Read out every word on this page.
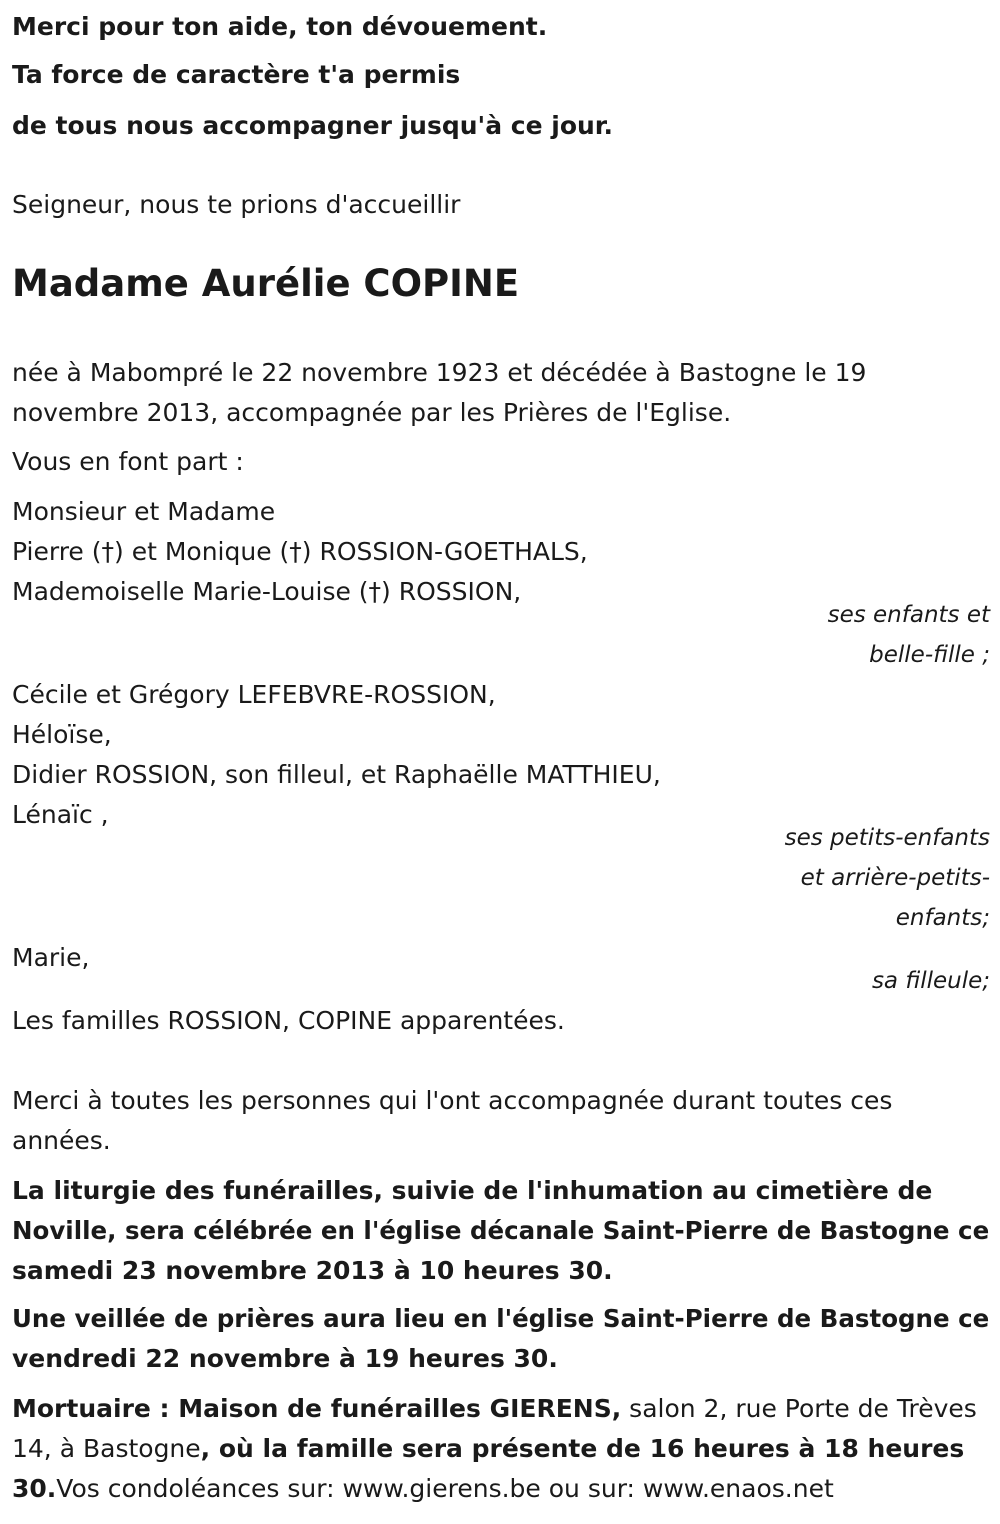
Merci pour ton aide, ton dévouement.
Ta force de caractère t'a permis
de tous nous accompagner jusqu'à ce jour.
Seigneur, nous te prions d'accueillir
Madame Aurélie COPINE
née à Mabompré le 22 novembre 1923 et décédée à Bastogne le 19
novembre 2013, accompagnée par les Prières de l'Eglise.
Vous en font part :
Monsieur et Madame
Pierre (†) et Monique (†) ROSSION-GOETHALS,
Mademoiselle Marie-Louise (†) ROSSION,
ses enfants et
belle-fille ;
Cécile et Grégory LEFEBVRE-ROSSION,
Héloïse,
Didier ROSSION, son filleul, et Raphaëlle MATTHIEU,
Lénaïc ,
ses petits-enfants
et arrière-petits-
enfants;
Marie,
sa filleule;
Les familles ROSSION, COPINE apparentées.
Merci à toutes les personnes qui l'ont accompagnée durant toutes ces
années.
La liturgie des funérailles, suivie de l'inhumation au cimetière de
Noville, sera célébrée en l'église décanale Saint-Pierre de Bastogne ce
samedi 23 novembre 2013 à 10 heures 30.
Une veillée de prières aura lieu en l'église Saint-Pierre de Bastogne ce
vendredi 22 novembre à 19 heures 30.
Mortuaire : Maison de funérailles GIERENS, salon 2, rue Porte de Trèves
14, à Bastogne, où la famille sera présente de 16 heures à 18 heures
30.Vos condoléances sur: www.gierens.be ou sur: www.enaos.net
